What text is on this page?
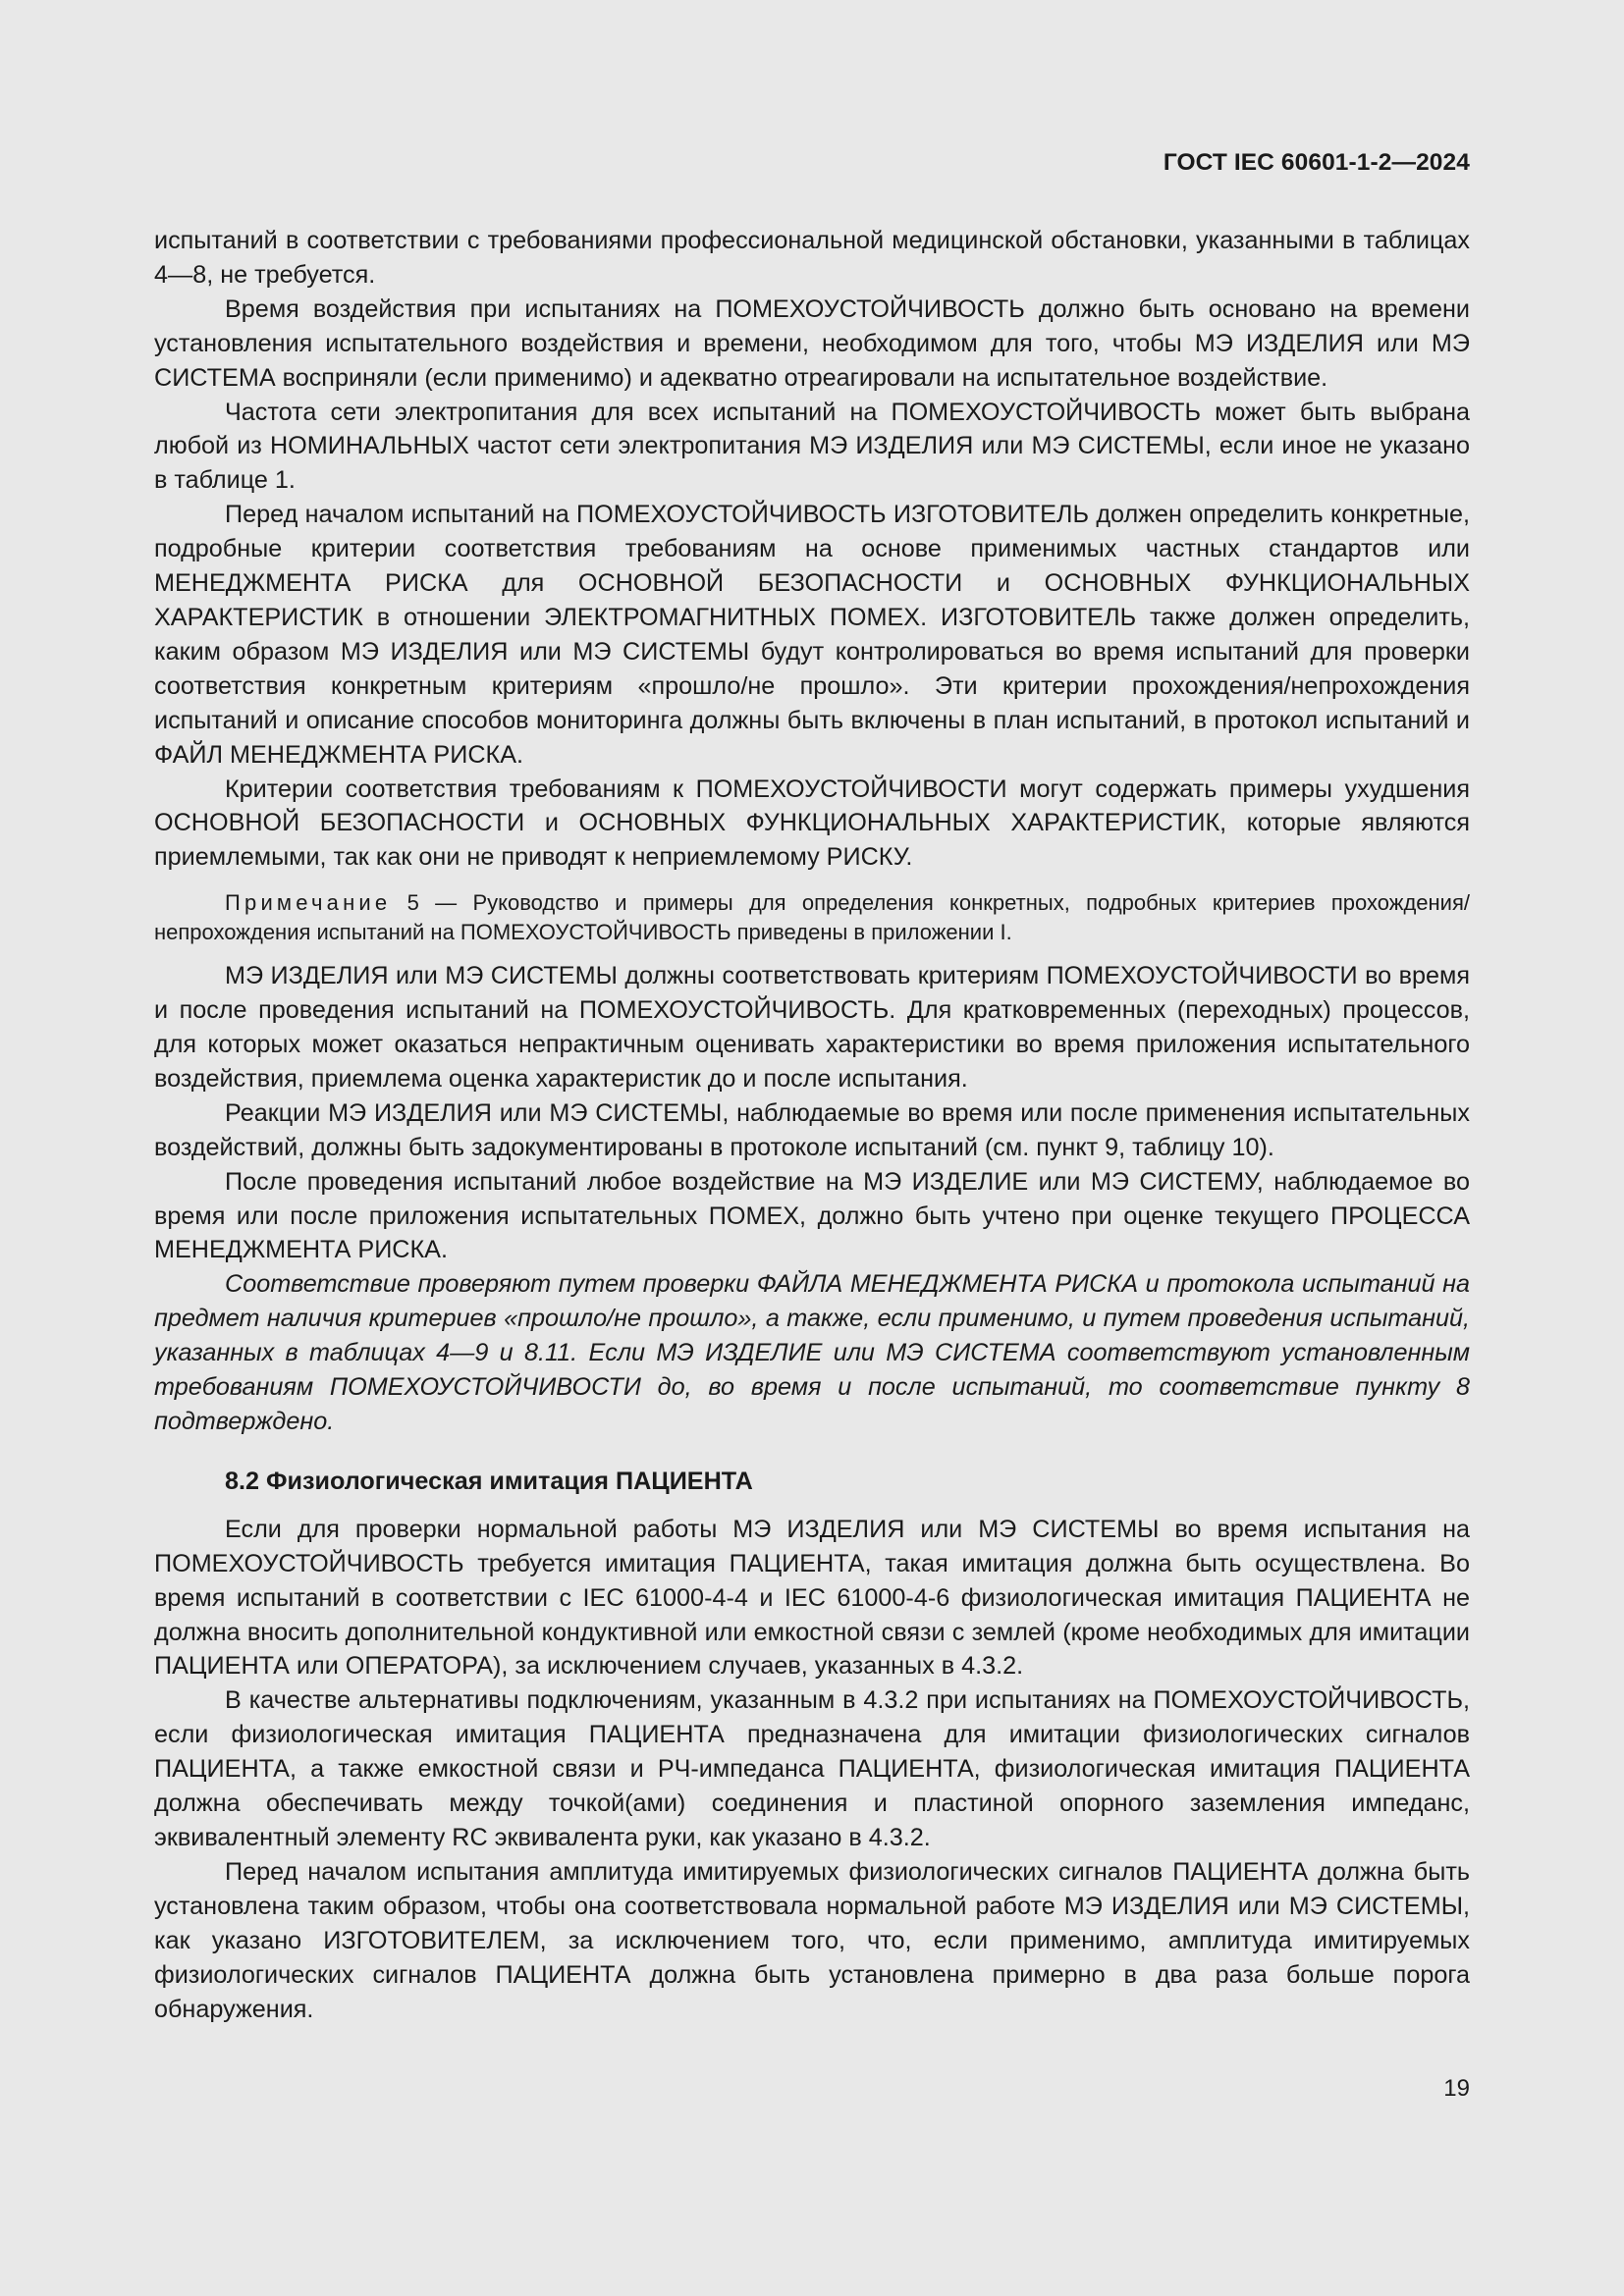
ГОСТ IEC 60601-1-2—2024

испытаний в соответствии с требованиями профессиональной медицинской обстановки, указанными в таблицах 4—8, не требуется.

Время воздействия при испытаниях на ПОМЕХОУСТОЙЧИВОСТЬ должно быть основано на времени установления испытательного воздействия и времени, необходимом для того, чтобы МЭ ИЗДЕЛИЯ или МЭ СИСТЕМА восприняли (если применимо) и адекватно отреагировали на испытательное воздействие.

Частота сети электропитания для всех испытаний на ПОМЕХОУСТОЙЧИВОСТЬ может быть выбрана любой из НОМИНАЛЬНЫХ частот сети электропитания МЭ ИЗДЕЛИЯ или МЭ СИСТЕМЫ, если иное не указано в таблице 1.

Перед началом испытаний на ПОМЕХОУСТОЙЧИВОСТЬ ИЗГОТОВИТЕЛЬ должен определить конкретные, подробные критерии соответствия требованиям на основе применимых частных стандартов или МЕНЕДЖМЕНТА РИСКА для ОСНОВНОЙ БЕЗОПАСНОСТИ и ОСНОВНЫХ ФУНКЦИОНАЛЬНЫХ ХАРАКТЕРИСТИК в отношении ЭЛЕКТРОМАГНИТНЫХ ПОМЕХ. ИЗГОТОВИТЕЛЬ также должен определить, каким образом МЭ ИЗДЕЛИЯ или МЭ СИСТЕМЫ будут контролироваться во время испытаний для проверки соответствия конкретным критериям «прошло/не прошло». Эти критерии прохождения/непрохождения испытаний и описание способов мониторинга должны быть включены в план испытаний, в протокол испытаний и ФАЙЛ МЕНЕДЖМЕНТА РИСКА.

Критерии соответствия требованиям к ПОМЕХОУСТОЙЧИВОСТИ могут содержать примеры ухудшения ОСНОВНОЙ БЕЗОПАСНОСТИ и ОСНОВНЫХ ФУНКЦИОНАЛЬНЫХ ХАРАКТЕРИСТИК, которые являются приемлемыми, так как они не приводят к неприемлемому РИСКУ.

Примечание 5 — Руководство и примеры для определения конкретных, подробных критериев прохождения/непрохождения испытаний на ПОМЕХОУСТОЙЧИВОСТЬ приведены в приложении I.

МЭ ИЗДЕЛИЯ или МЭ СИСТЕМЫ должны соответствовать критериям ПОМЕХОУСТОЙЧИВОСТИ во время и после проведения испытаний на ПОМЕХОУСТОЙЧИВОСТЬ. Для кратковременных (переходных) процессов, для которых может оказаться непрактичным оценивать характеристики во время приложения испытательного воздействия, приемлема оценка характеристик до и после испытания.

Реакции МЭ ИЗДЕЛИЯ или МЭ СИСТЕМЫ, наблюдаемые во время или после применения испытательных воздействий, должны быть задокументированы в протоколе испытаний (см. пункт 9, таблицу 10).

После проведения испытаний любое воздействие на МЭ ИЗДЕЛИЕ или МЭ СИСТЕМУ, наблюдаемое во время или после приложения испытательных ПОМЕХ, должно быть учтено при оценке текущего ПРОЦЕССА МЕНЕДЖМЕНТА РИСКА.

Соответствие проверяют путем проверки ФАЙЛА МЕНЕДЖМЕНТА РИСКА и протокола испытаний на предмет наличия критериев «прошло/не прошло», а также, если применимо, и путем проведения испытаний, указанных в таблицах 4—9 и 8.11. Если МЭ ИЗДЕЛИЕ или МЭ СИСТЕМА соответствуют установленным требованиям ПОМЕХОУСТОЙЧИВОСТИ до, во время и после испытаний, то соответствие пункту 8 подтверждено.

8.2 Физиологическая имитация ПАЦИЕНТА

Если для проверки нормальной работы МЭ ИЗДЕЛИЯ или МЭ СИСТЕМЫ во время испытания на ПОМЕХОУСТОЙЧИВОСТЬ требуется имитация ПАЦИЕНТА, такая имитация должна быть осуществлена. Во время испытаний в соответствии с IEC 61000-4-4 и IEC 61000-4-6 физиологическая имитация ПАЦИЕНТА не должна вносить дополнительной кондуктивной или емкостной связи с землей (кроме необходимых для имитации ПАЦИЕНТА или ОПЕРАТОРА), за исключением случаев, указанных в 4.3.2.

В качестве альтернативы подключениям, указанным в 4.3.2 при испытаниях на ПОМЕХОУСТОЙЧИВОСТЬ, если физиологическая имитация ПАЦИЕНТА предназначена для имитации физиологических сигналов ПАЦИЕНТА, а также емкостной связи и РЧ-импеданса ПАЦИЕНТА, физиологическая имитация ПАЦИЕНТА должна обеспечивать между точкой(ами) соединения и пластиной опорного заземления импеданс, эквивалентный элементу RC эквивалента руки, как указано в 4.3.2.

Перед началом испытания амплитуда имитируемых физиологических сигналов ПАЦИЕНТА должна быть установлена таким образом, чтобы она соответствовала нормальной работе МЭ ИЗДЕЛИЯ или МЭ СИСТЕМЫ, как указано ИЗГОТОВИТЕЛЕМ, за исключением того, что, если применимо, амплитуда имитируемых физиологических сигналов ПАЦИЕНТА должна быть установлена примерно в два раза больше порога обнаружения.

19
